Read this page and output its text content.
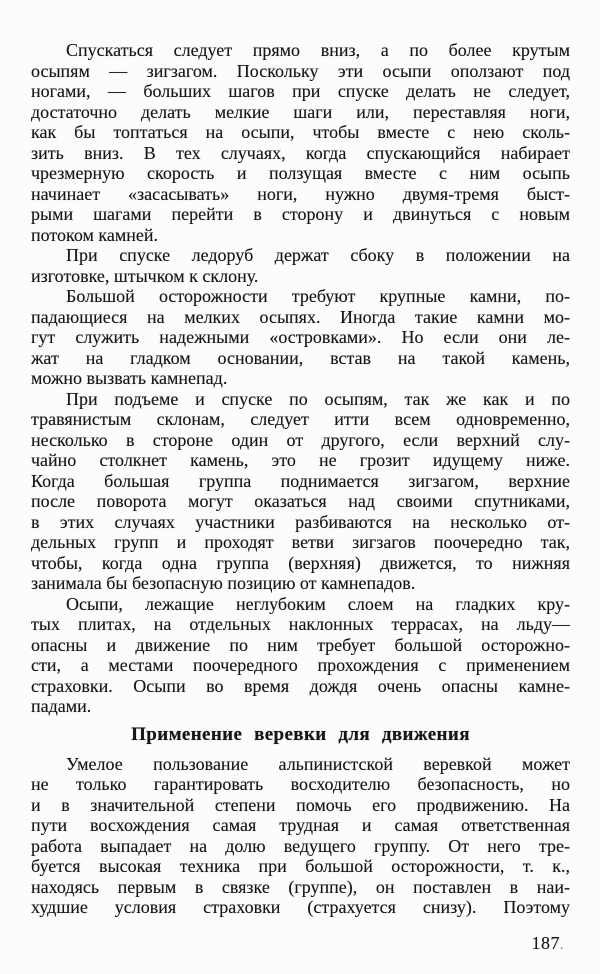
Спускаться следует прямо вниз, а по более крутым
осыпям — зигзагом. Поскольку эти осыпи оползают под
ногами, — больших шагов при спуске делать не следует,
достаточно делать мелкие шаги или, переставляя ноги,
как бы топтаться на осыпи, чтобы вместе с нею сколь-
зить вниз. В тех случаях, когда спускающийся набирает
чрезмерную скорость и ползущая вместе с ним осыпь
начинает «засасывать» ноги, нужно двумя-тремя быст-
рыми шагами перейти в сторону и двинуться с новым
потоком камней.
При спуске ледоруб держат сбоку в положении на
изготовке, штычком к склону.
Большой осторожности требуют крупные камни, по-
падающиеся на мелких осыпях. Иногда такие камни мо-
гут служить надежными «островками». Но если они ле-
жат на гладком основании, встав на такой камень,
можно вызвать камнепад.
При подъеме и спуске по осыпям, так же как и по
травянистым склонам, следует итти всем одновременно,
несколько в стороне один от другого, если верхний слу-
чайно столкнет камень, это не грозит идущему ниже.
Когда большая группа поднимается зигзагом, верхние
после поворота могут оказаться над своими спутниками,
в этих случаях участники разбиваются на несколько от-
дельных групп и проходят ветви зигзагов поочередно так,
чтобы, когда одна группа (верхняя) движется, то нижняя
занимала бы безопасную позицию от камнепадов.
Осыпи, лежащие неглубоким слоем на гладких кру-
тых плитах, на отдельных наклонных террасах, на льду—
опасны и движение по ним требует большой осторожно-
сти, а местами поочередного прохождения с применением
страховки. Осыпи во время дождя очень опасны камне-
падами.
Применение веревки для движения
Умелое пользование альпинистской веревкой может
не только гарантировать восходителю безопасность, но
и в значительной степени помочь его продвижению. На
пути восхождения самая трудная и самая ответственная
работа выпадает на долю ведущего группу. От него тре-
буется высокая техника при большой осторожности, т. к.,
находясь первым в связке (группе), он поставлен в наи-
худшие условия страховки (страхуется снизу). Поэтому
187.
